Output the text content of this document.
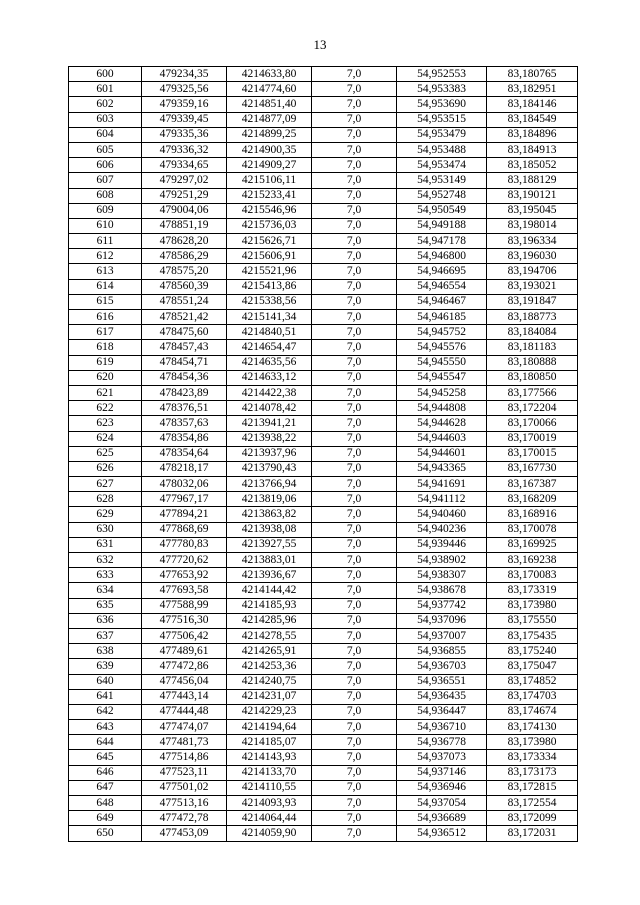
13
600	479234,35	4214633,80	7,0	54,952553	83,180765
601	479325,56	4214774,60	7,0	54,953383	83,182951
602	479359,16	4214851,40	7,0	54,953690	83,184146
603	479339,45	4214877,09	7,0	54,953515	83,184549
604	479335,36	4214899,25	7,0	54,953479	83,184896
605	479336,32	4214900,35	7,0	54,953488	83,184913
606	479334,65	4214909,27	7,0	54,953474	83,185052
607	479297,02	4215106,11	7,0	54,953149	83,188129
608	479251,29	4215233,41	7,0	54,952748	83,190121
609	479004,06	4215546,96	7,0	54,950549	83,195045
610	478851,19	4215736,03	7,0	54,949188	83,198014
611	478628,20	4215626,71	7,0	54,947178	83,196334
612	478586,29	4215606,91	7,0	54,946800	83,196030
613	478575,20	4215521,96	7,0	54,946695	83,194706
614	478560,39	4215413,86	7,0	54,946554	83,193021
615	478551,24	4215338,56	7,0	54,946467	83,191847
616	478521,42	4215141,34	7,0	54,946185	83,188773
617	478475,60	4214840,51	7,0	54,945752	83,184084
618	478457,43	4214654,47	7,0	54,945576	83,181183
619	478454,71	4214635,56	7,0	54,945550	83,180888
620	478454,36	4214633,12	7,0	54,945547	83,180850
621	478423,89	4214422,38	7,0	54,945258	83,177566
622	478376,51	4214078,42	7,0	54,944808	83,172204
623	478357,63	4213941,21	7,0	54,944628	83,170066
624	478354,86	4213938,22	7,0	54,944603	83,170019
625	478354,64	4213937,96	7,0	54,944601	83,170015
626	478218,17	4213790,43	7,0	54,943365	83,167730
627	478032,06	4213766,94	7,0	54,941691	83,167387
628	477967,17	4213819,06	7,0	54,941112	83,168209
629	477894,21	4213863,82	7,0	54,940460	83,168916
630	477868,69	4213938,08	7,0	54,940236	83,170078
631	477780,83	4213927,55	7,0	54,939446	83,169925
632	477720,62	4213883,01	7,0	54,938902	83,169238
633	477653,92	4213936,67	7,0	54,938307	83,170083
634	477693,58	4214144,42	7,0	54,938678	83,173319
635	477588,99	4214185,93	7,0	54,937742	83,173980
636	477516,30	4214285,96	7,0	54,937096	83,175550
637	477506,42	4214278,55	7,0	54,937007	83,175435
638	477489,61	4214265,91	7,0	54,936855	83,175240
639	477472,86	4214253,36	7,0	54,936703	83,175047
640	477456,04	4214240,75	7,0	54,936551	83,174852
641	477443,14	4214231,07	7,0	54,936435	83,174703
642	477444,48	4214229,23	7,0	54,936447	83,174674
643	477474,07	4214194,64	7,0	54,936710	83,174130
644	477481,73	4214185,07	7,0	54,936778	83,173980
645	477514,86	4214143,93	7,0	54,937073	83,173334
646	477523,11	4214133,70	7,0	54,937146	83,173173
647	477501,02	4214110,55	7,0	54,936946	83,172815
648	477513,16	4214093,93	7,0	54,937054	83,172554
649	477472,78	4214064,44	7,0	54,936689	83,172099
650	477453,09	4214059,90	7,0	54,936512	83,172031
